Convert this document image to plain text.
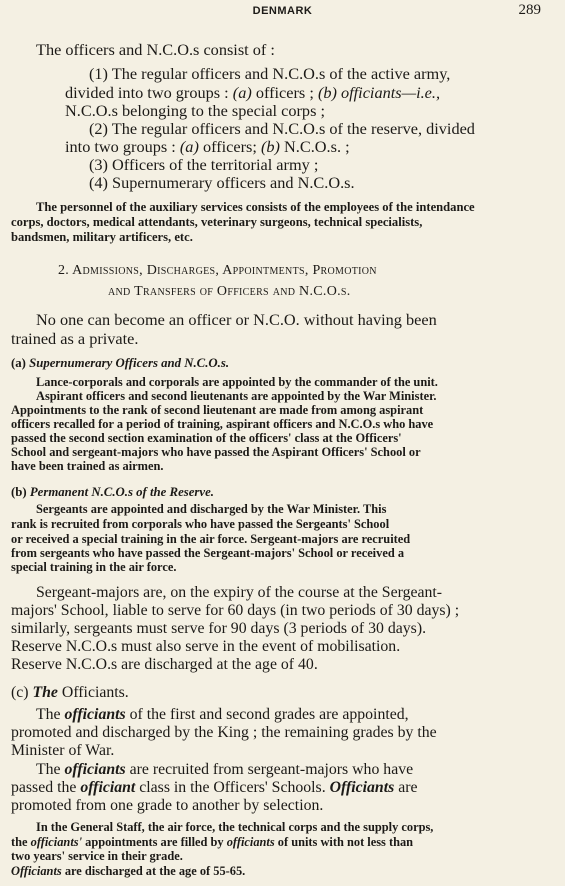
DENMARK	289
The officers and N.C.O.s consist of :
(1) The regular officers and N.C.O.s of the active army,
divided into two groups : (a) officers ; (b) officiants—i.e.,
N.C.O.s belonging to the special corps ;
(2) The regular officers and N.C.O.s of the reserve, divided
into two groups : (a) officers; (b) N.C.O.s. ;
(3) Officers of the territorial army ;
(4) Supernumerary officers and N.C.O.s.
The personnel of the auxiliary services consists of the employees of the intendance
corps, doctors, medical attendants, veterinary surgeons, technical specialists,
bandsmen, military artificers, etc.
2. Admissions, Discharges, Appointments, Promotion
and Transfers of Officers and N.C.O.s.
No one can become an officer or N.C.O. without having been
trained as a private.
(a) Supernumerary Officers and N.C.O.s.
Lance-corporals and corporals are appointed by the commander of the unit.
Aspirant officers and second lieutenants are appointed by the War Minister.
Appointments to the rank of second lieutenant are made from among aspirant
officers recalled for a period of training, aspirant officers and N.C.O.s who have
passed the second section examination of the officers' class at the Officers'
School and sergeant-majors who have passed the Aspirant Officers' School or
have been trained as airmen.
(b) Permanent N.C.O.s of the Reserve.
Sergeants are appointed and discharged by the War Minister. This
rank is recruited from corporals who have passed the Sergeants' School
or received a special training in the air force. Sergeant-majors are recruited
from sergeants who have passed the Sergeant-majors' School or received a
special training in the air force.
Sergeant-majors are, on the expiry of the course at the Sergeant-
majors' School, liable to serve for 60 days (in two periods of 30 days) ;
similarly, sergeants must serve for 90 days (3 periods of 30 days).
Reserve N.C.O.s must also serve in the event of mobilisation.
Reserve N.C.O.s are discharged at the age of 40.
(c) The Officiants.
The officiants of the first and second grades are appointed,
promoted and discharged by the King ; the remaining grades by the
Minister of War.
The officiants are recruited from sergeant-majors who have
passed the officiant class in the Officers' Schools. Officiants are
promoted from one grade to another by selection.
In the General Staff, the air force, the technical corps and the supply corps,
the officiants' appointments are filled by officiants of units with not less than
two years' service in their grade.
Officiants are discharged at the age of 55-65.
